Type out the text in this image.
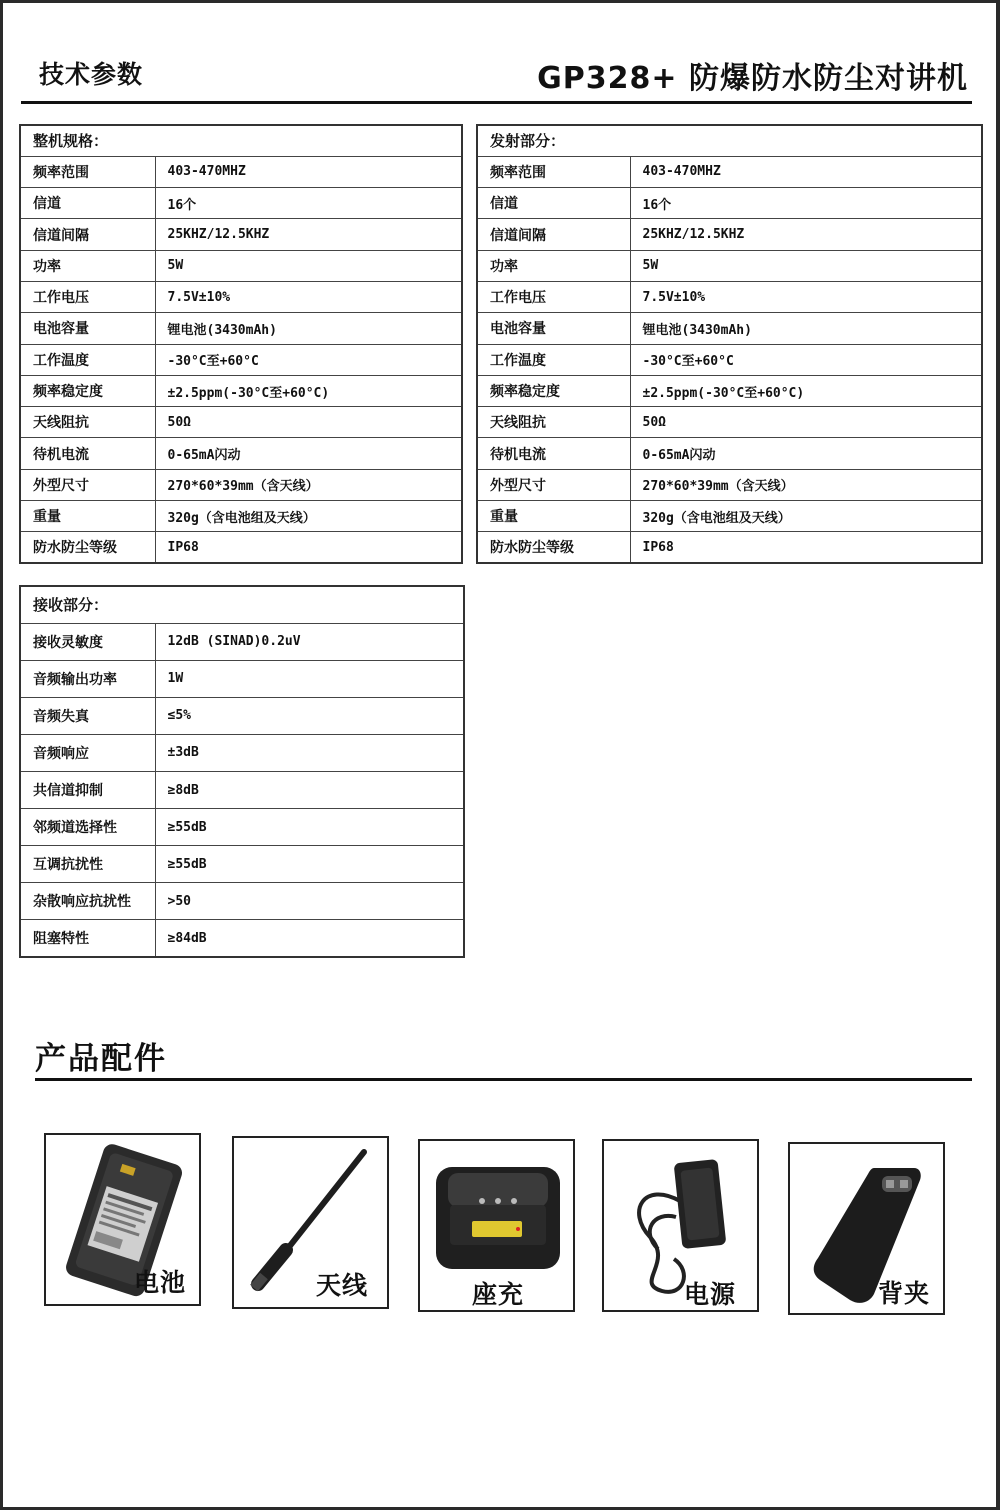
技术参数	GP328+ 防爆防水防尘对讲机
整机规格：	
频率范围	403-470MHZ
信道	16个
信道间隔	25KHZ/12.5KHZ
功率	5W
工作电压	7.5V±10%
电池容量	锂电池(3430mAh)
工作温度	-30°C至+60°C
频率稳定度	±2.5ppm(-30°C至+60°C)
天线阻抗	50Ω
待机电流	0-65mA闪动
外型尺寸	270*60*39mm（含天线）
重量	320g（含电池组及天线）
防水防尘等级	IP68
发射部分：	
频率范围	403-470MHZ
信道	16个
信道间隔	25KHZ/12.5KHZ
功率	5W
工作电压	7.5V±10%
电池容量	锂电池(3430mAh)
工作温度	-30°C至+60°C
频率稳定度	±2.5ppm(-30°C至+60°C)
天线阻抗	50Ω
待机电流	0-65mA闪动
外型尺寸	270*60*39mm（含天线）
重量	320g（含电池组及天线）
防水防尘等级	IP68
接收部分：	
接收灵敏度	12dB (SINAD)0.2uV
音频输出功率	1W
音频失真	≤5%
音频响应	±3dB
共信道抑制	≥8dB
邻频道选择性	≥55dB
互调抗扰性	≥55dB
杂散响应抗扰性	>50
阻塞特性	≥84dB
产品配件
电池	天线	座充	电源	背夹
